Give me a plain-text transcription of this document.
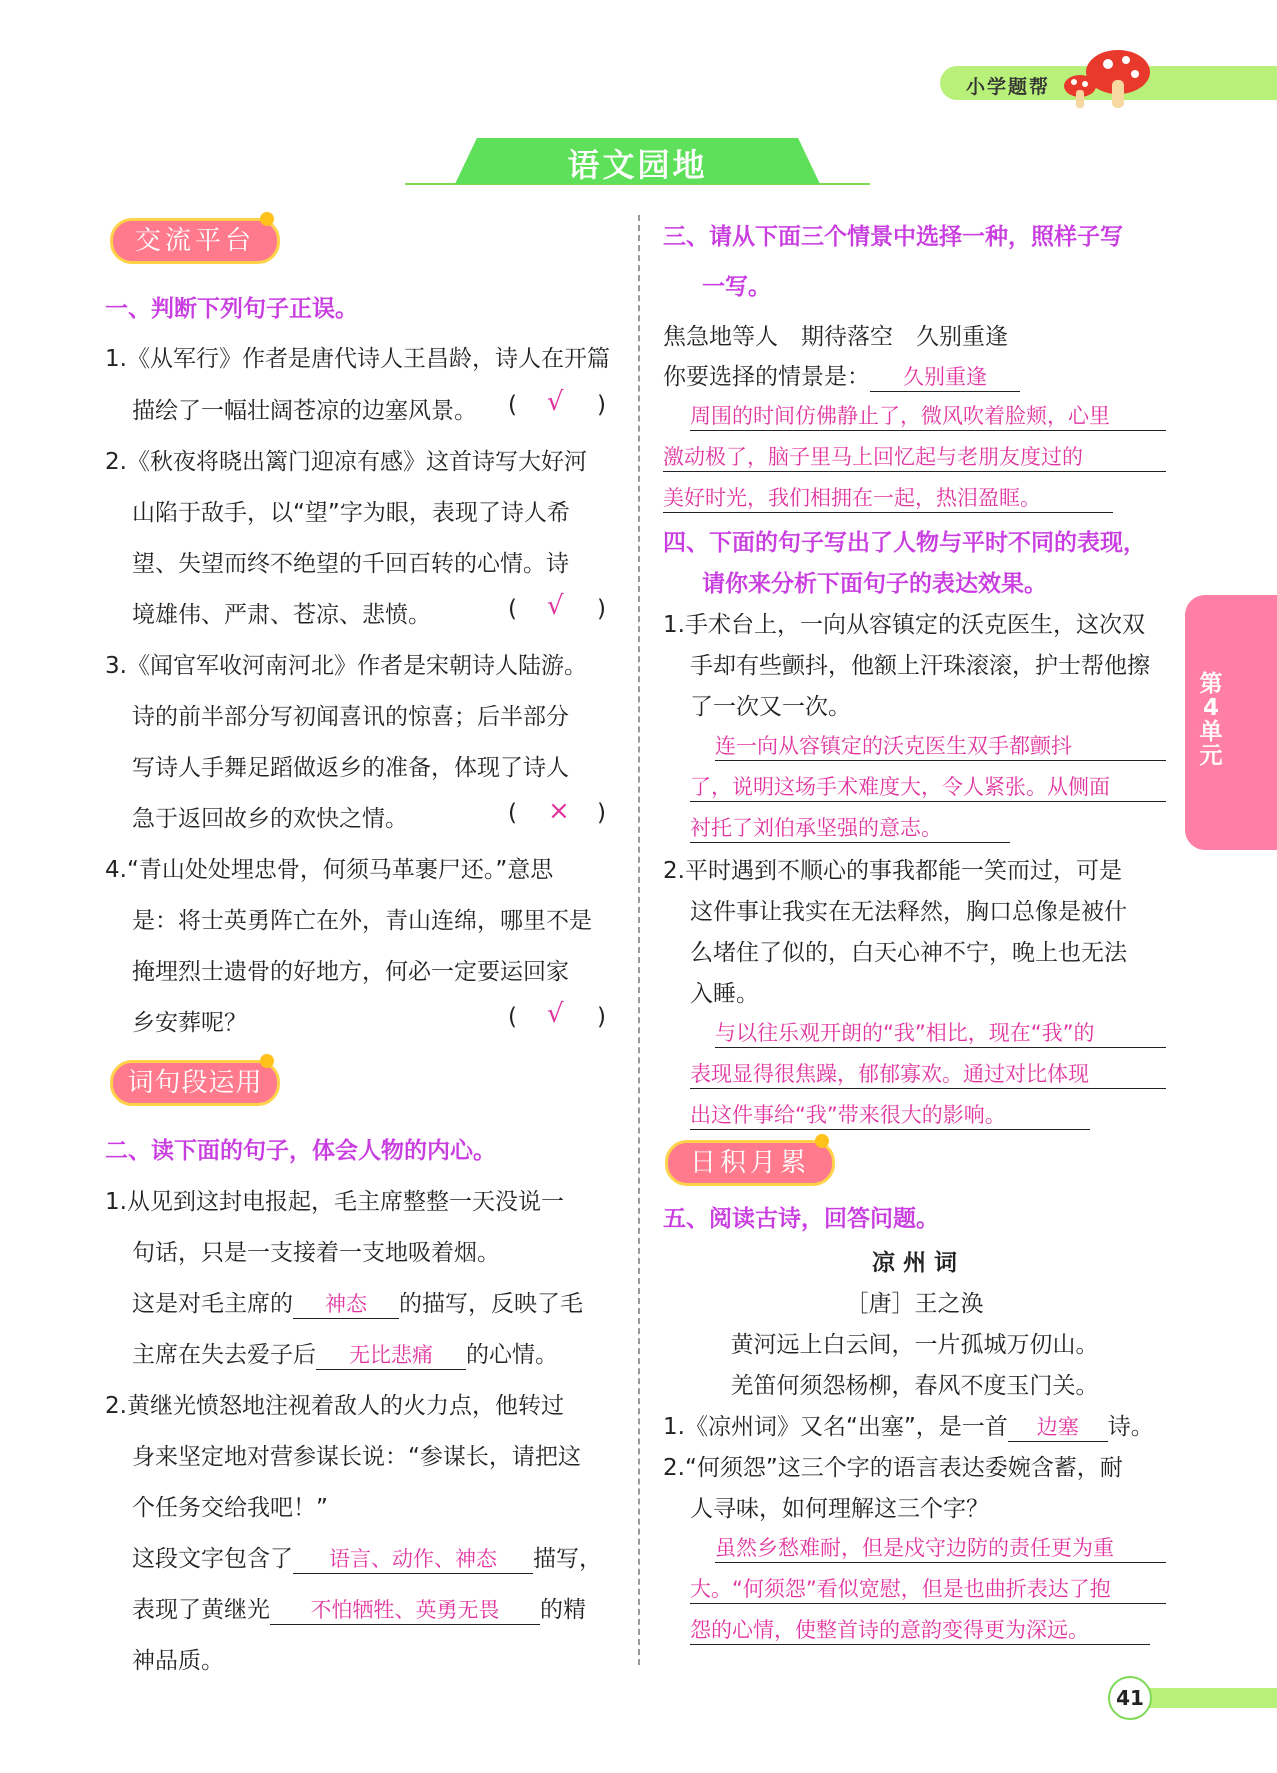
小学题帮
语文园地
第4单元
交流平台
一、判断下列句子正误。
1.《从军行》作者是唐代诗人王昌龄，诗人在开篇
描绘了一幅壮阔苍凉的边塞风景。 ( √ )
2.《秋夜将晓出篱门迎凉有感》这首诗写大好河
山陷于敌手，以“望”字为眼，表现了诗人希
望、失望而终不绝望的千回百转的心情。诗
境雄伟、严肃、苍凉、悲愤。	( √ )
3.《闻官军收河南河北》作者是宋朝诗人陆游。
诗的前半部分写初闻喜讯的惊喜；后半部分
写诗人手舞足蹈做返乡的准备，体现了诗人
急于返回故乡的欢快之情。	( × )
4.“青山处处埋忠骨，何须马革裹尸还。”意思
是：将士英勇阵亡在外，青山连绵，哪里不是
掩埋烈士遗骨的好地方，何必一定要运回家
乡安葬呢？	( √ )
词句段运用
二、读下面的句子，体会人物的内心。
1.从见到这封电报起，毛主席整整一天没说一
句话，只是一支接着一支地吸着烟。
这是对毛主席的 神态 的描写，反映了毛
主席在失去爱子后 无比悲痛 的心情。
2.黄继光愤怒地注视着敌人的火力点，他转过
身来坚定地对营参谋长说：“参谋长，请把这
个任务交给我吧！”
这段文字包含了 语言、动作、神态 描写，
表现了黄继光 不怕牺牲、英勇无畏 的精
神品质。
三、请从下面三个情景中选择一种，照样子写
一写。
焦急地等人　期待落空　久别重逢
你要选择的情景是： 久别重逢
周围的时间仿佛静止了，微风吹着脸颊，心里
激动极了，脑子里马上回忆起与老朋友度过的
美好时光，我们相拥在一起，热泪盈眶。
四、下面的句子写出了人物与平时不同的表现，
请你来分析下面句子的表达效果。
1.手术台上，一向从容镇定的沃克医生，这次双
手却有些颤抖，他额上汗珠滚滚，护士帮他擦
了一次又一次。
连一向从容镇定的沃克医生双手都颤抖
了，说明这场手术难度大，令人紧张。从侧面
衬托了刘伯承坚强的意志。
2.平时遇到不顺心的事我都能一笑而过，可是
这件事让我实在无法释然，胸口总像是被什
么堵住了似的，白天心神不宁，晚上也无法
入睡。
与以往乐观开朗的“我”相比，现在“我”的
表现显得很焦躁，郁郁寡欢。通过对比体现
出这件事给“我”带来很大的影响。
日积月累
五、阅读古诗，回答问题。
凉 州 词
［唐］王之涣
黄河远上白云间，一片孤城万仞山。
羌笛何须怨杨柳，春风不度玉门关。
1.《凉州词》又名“出塞”，是一首 边塞 诗。
2.“何须怨”这三个字的语言表达委婉含蓄，耐
人寻味，如何理解这三个字？
虽然乡愁难耐，但是戍守边防的责任更为重
大。“何须怨”看似宽慰，但是也曲折表达了抱
怨的心情，使整首诗的意韵变得更为深远。
41
